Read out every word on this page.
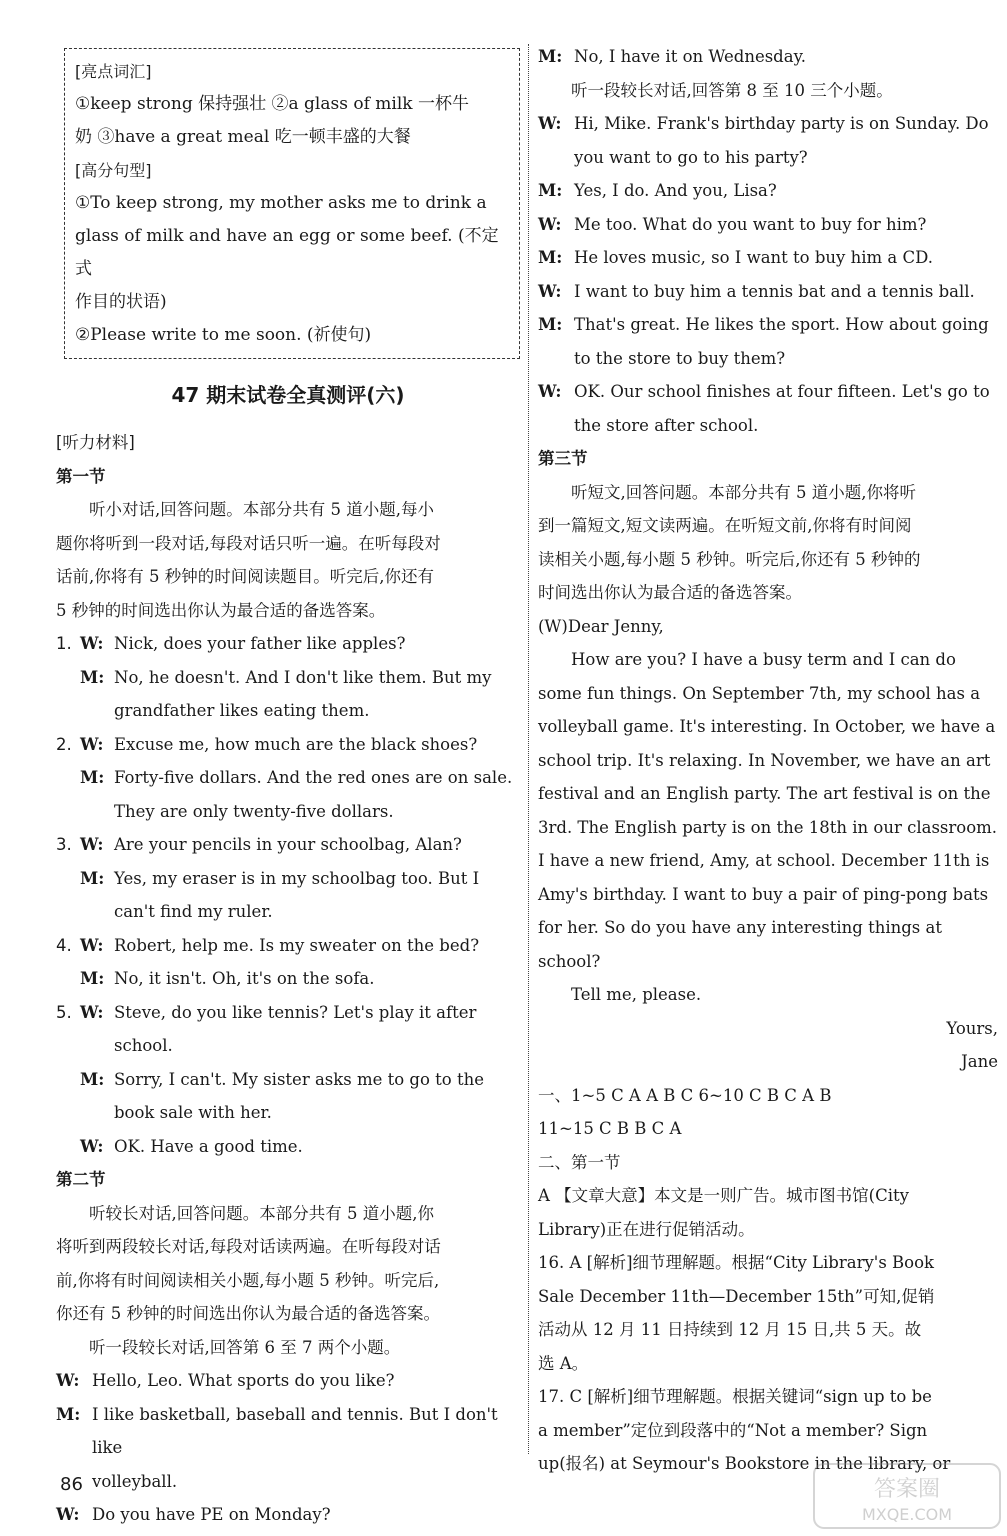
[亮点词汇]

①keep strong 保持强壮 ②a glass of milk 一杯牛

奶 ③have a great meal 吃一顿丰盛的大餐

[高分句型]

①To keep strong, my mother asks me to drink a

glass of milk and have an egg or some beef. (不定式

作目的状语)

②Please write to me soon. (祈使句)

47 期末试卷全真测评(六)

[听力材料]

第一节

听小对话,回答问题。本部分共有 5 道小题,每小
题你将听到一段对话,每段对话只听一遍。在听每段对
话前,你将有 5 秒钟的时间阅读题目。听完后,你还有
5 秒钟的时间选出你认为最合适的备选答案。
1. W: Nick, does your father like apples?
M: No, he doesn't. And I don't like them. But my
grandfather likes eating them.
2. W: Excuse me, how much are the black shoes?
M: Forty-five dollars. And the red ones are on sale.
They are only twenty-five dollars.
3. W: Are your pencils in your schoolbag, Alan?
M: Yes, my eraser is in my schoolbag too. But I
can't find my ruler.
4. W: Robert, help me. Is my sweater on the bed?
M: No, it isn't. Oh, it's on the sofa.
5. W: Steve, do you like tennis? Let's play it after
school.
M: Sorry, I can't. My sister asks me to go to the
book sale with her.
W: OK. Have a good time.

第二节

听较长对话,回答问题。本部分共有 5 道小题,你
将听到两段较长对话,每段对话读两遍。在听每段对话
前,你将有时间阅读相关小题,每小题 5 秒钟。听完后,
你还有 5 秒钟的时间选出你认为最合适的备选答案。
听一段较长对话,回答第 6 至 7 两个小题。
W: Hello, Leo. What sports do you like?
M: I like basketball, baseball and tennis. But I don't like
volleyball.
W: Do you have PE on Monday?
M: No, I have it on Wednesday.
听一段较长对话,回答第 8 至 10 三个小题。
W: Hi, Mike. Frank's birthday party is on Sunday. Do
you want to go to his party?
M: Yes, I do. And you, Lisa?
W: Me too. What do you want to buy for him?
M: He loves music, so I want to buy him a CD.
W: I want to buy him a tennis bat and a tennis ball.
M: That's great. He likes the sport. How about going
to the store to buy them?
W: OK. Our school finishes at four fifteen. Let's go to
the store after school.

第三节

听短文,回答问题。本部分共有 5 道小题,你将听
到一篇短文,短文读两遍。在听短文前,你将有时间阅
读相关小题,每小题 5 秒钟。听完后,你还有 5 秒钟的
时间选出你认为最合适的备选答案。
(W)Dear Jenny,
How are you? I have a busy term and I can do
some fun things. On September 7th, my school has a
volleyball game. It's interesting. In October, we have a
school trip. It's relaxing. In November, we have an art
festival and an English party. The art festival is on the
3rd. The English party is on the 18th in our classroom.
I have a new friend, Amy, at school. December 11th is
Amy's birthday. I want to buy a pair of ping-pong bats
for her. So do you have any interesting things at school?
Tell me, please.
Yours,
Jane
一、1~5 C A A B C 6~10 C B C A B
11~15 C B B C A
二、第一节
A 【文章大意】本文是一则广告。城市图书馆(City
Library)正在进行促销活动。
16. A [解析]细节理解题。根据“City Library's Book
Sale December 11th—December 15th”可知,促销
活动从 12 月 11 日持续到 12 月 15 日,共 5 天。故
选 A。
17. C [解析]细节理解题。根据关键词“sign up to be
a member”定位到段落中的“Not a member? Sign
up(报名) at Seymour's Bookstore in the library, or
86	答案圈
MXQE.COM
